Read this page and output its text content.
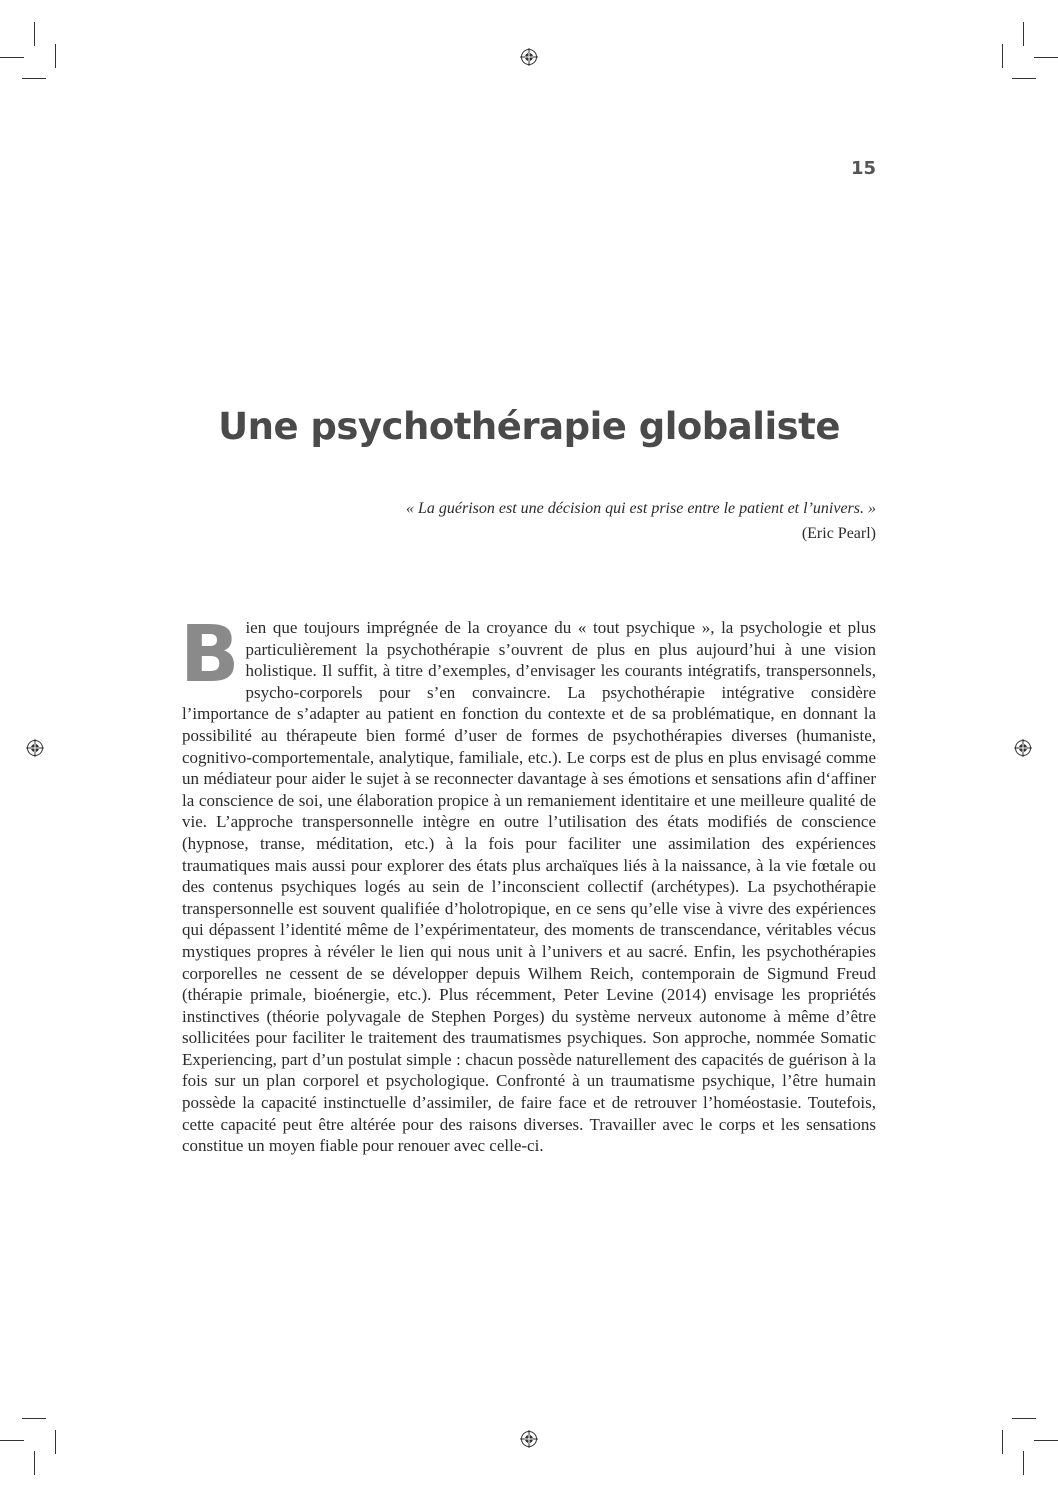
15
Une psychothérapie globaliste
« La guérison est une décision qui est prise entre le patient et l’univers. »
(Eric Pearl)

Bien que toujours imprégnée de la croyance du « tout psychique », la psychologie et plus particulièrement la psychothérapie s’ouvrent de plus en plus aujourd’hui à une vision holistique. Il suffit, à titre d’exemples, d’envisager les courants intégratifs, transpersonnels, psycho-corporels pour s’en convaincre. La psychothérapie intégrative considère l’importance de s’adapter au patient en fonction du contexte et de sa problématique, en donnant la possibilité au thérapeute bien formé d’user de formes de psychothérapies diverses (humaniste, cognitivo-comportementale, analytique, familiale, etc.). Le corps est de plus en plus envisagé comme un médiateur pour aider le sujet à se reconnecter davantage à ses émotions et sensations afin d‘affiner la conscience de soi, une élaboration propice à un remaniement identitaire et une meilleure qualité de vie. L’approche transpersonnelle intègre en outre l’utilisation des états modifiés de conscience (hypnose, transe, méditation, etc.) à la fois pour faciliter une assimilation des expériences traumatiques mais aussi pour explorer des états plus archaïques liés à la naissance, à la vie fœtale ou des contenus psychiques logés au sein de l’inconscient collectif (archétypes). La psychothérapie transpersonnelle est souvent qualifiée d’holotropique, en ce sens qu’elle vise à vivre des expériences qui dépassent l’identité même de l’expérimentateur, des moments de transcendance, véritables vécus mystiques propres à révéler le lien qui nous unit à l’univers et au sacré. Enfin, les psychothérapies corporelles ne cessent de se développer depuis Wilhem Reich, contemporain de Sigmund Freud (thérapie primale, bioénergie, etc.). Plus récemment, Peter Levine (2014) envisage les propriétés instinctives (théorie polyvagale de Stephen Porges) du système nerveux autonome à même d’être sollicitées pour faciliter le traitement des traumatismes psychiques. Son approche, nommée Somatic Experiencing, part d’un postulat simple : chacun possède naturellement des capacités de guérison à la fois sur un plan corporel et psychologique. Confronté à un traumatisme psychique, l’être humain possède la capacité instinctuelle d’assimiler, de faire face et de retrouver l’homéostasie. Toutefois, cette capacité peut être altérée pour des raisons diverses. Travailler avec le corps et les sensations constitue un moyen fiable pour renouer avec celle-ci.
